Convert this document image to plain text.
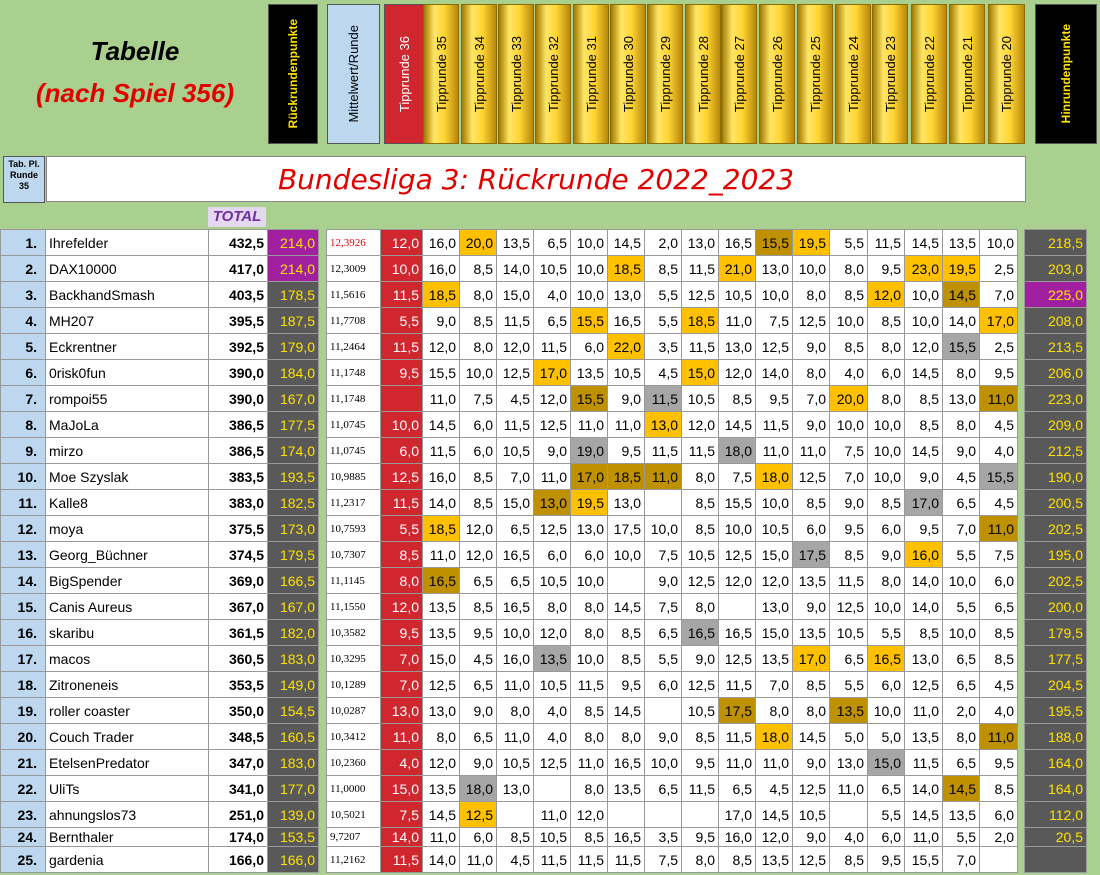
Tabelle
(nach Spiel 356)	Rückrundenpunkte	Mittelwert/Runde	Tipprunde 36 Tipprunde 35 Tipprunde 34 Tipprunde 33 Tipprunde 32 Tipprunde 31 Tipprunde 30 Tipprunde 29 Tipprunde 28 Tipprunde 27 Tipprunde 26 Tipprunde 25 Tipprunde 24 Tipprunde 23 Tipprunde 22 Tipprunde 21 Tipprunde 20	Hinrundenpunkte
Tab. Pl. Runde 35	Bundesliga 3: Rückrunde 2022_2023
TOTAL
1.	Ihrefelder	432,5	214,0		12,3926	12,0	16,0	20,0	13,5	6,5	10,0	14,5	2,0	13,0	16,5	15,5	19,5	5,5	11,5	14,5	13,5	10,0		218,5
2.	DAX10000	417,0	214,0		12,3009	10,0	16,0	8,5	14,0	10,5	10,0	18,5	8,5	11,5	21,0	13,0	10,0	8,0	9,5	23,0	19,5	2,5		203,0
3.	BackhandSmash	403,5	178,5		11,5616	11,5	18,5	8,0	15,0	4,0	10,0	13,0	5,5	12,5	10,5	10,0	8,0	8,5	12,0	10,0	14,5	7,0		225,0
4.	MH207	395,5	187,5		11,7708	5,5	9,0	8,5	11,5	6,5	15,5	16,5	5,5	18,5	11,0	7,5	12,5	10,0	8,5	10,0	14,0	17,0		208,0
5.	Eckrentner	392,5	179,0		11,2464	11,5	12,0	8,0	12,0	11,5	6,0	22,0	3,5	11,5	13,0	12,5	9,0	8,5	8,0	12,0	15,5	2,5		213,5
6.	0risk0fun	390,0	184,0		11,1748	9,5	15,5	10,0	12,5	17,0	13,5	10,5	4,5	15,0	12,0	14,0	8,0	4,0	6,0	14,5	8,0	9,5		206,0
7.	rompoi55	390,0	167,0		11,1748		11,0	7,5	4,5	12,0	15,5	9,0	11,5	10,5	8,5	9,5	7,0	20,0	8,0	8,5	13,0	11,0		223,0
8.	MaJoLa	386,5	177,5		11,0745	10,0	14,5	6,0	11,5	12,5	11,0	11,0	13,0	12,0	14,5	11,5	9,0	10,0	10,0	8,5	8,0	4,5		209,0
9.	mirzo	386,5	174,0		11,0745	6,0	11,5	6,0	10,5	9,0	19,0	9,5	11,5	11,5	18,0	11,0	11,0	7,5	10,0	14,5	9,0	4,0		212,5
10.	Moe Szyslak	383,5	193,5		10,9885	12,5	16,0	8,5	7,0	11,0	17,0	18,5	11,0	8,0	7,5	18,0	12,5	7,0	10,0	9,0	4,5	15,5		190,0
11.	Kalle8	383,0	182,5		11,2317	11,5	14,0	8,5	15,0	13,0	19,5	13,0		8,5	15,5	10,0	8,5	9,0	8,5	17,0	6,5	4,5		200,5
12.	moya	375,5	173,0		10,7593	5,5	18,5	12,0	6,5	12,5	13,0	17,5	10,0	8,5	10,0	10,5	6,0	9,5	6,0	9,5	7,0	11,0		202,5
13.	Georg_Büchner	374,5	179,5		10,7307	8,5	11,0	12,0	16,5	6,0	6,0	10,0	7,5	10,5	12,5	15,0	17,5	8,5	9,0	16,0	5,5	7,5		195,0
14.	BigSpender	369,0	166,5		11,1145	8,0	16,5	6,5	6,5	10,5	10,0		9,0	12,5	12,0	12,0	13,5	11,5	8,0	14,0	10,0	6,0		202,5
15.	Canis Aureus	367,0	167,0		11,1550	12,0	13,5	8,5	16,5	8,0	8,0	14,5	7,5	8,0		13,0	9,0	12,5	10,0	14,0	5,5	6,5		200,0
16.	skaribu	361,5	182,0		10,3582	9,5	13,5	9,5	10,0	12,0	8,0	8,5	6,5	16,5	16,5	15,0	13,5	10,5	5,5	8,5	10,0	8,5		179,5
17.	macos	360,5	183,0		10,3295	7,0	15,0	4,5	16,0	13,5	10,0	8,5	5,5	9,0	12,5	13,5	17,0	6,5	16,5	13,0	6,5	8,5		177,5
18.	Zitroneneis	353,5	149,0		10,1289	7,0	12,5	6,5	11,0	10,5	11,5	9,5	6,0	12,5	11,5	7,0	8,5	5,5	6,0	12,5	6,5	4,5		204,5
19.	roller coaster	350,0	154,5		10,0287	13,0	13,0	9,0	8,0	4,0	8,5	14,5		10,5	17,5	8,0	8,0	13,5	10,0	11,0	2,0	4,0		195,5
20.	Couch Trader	348,5	160,5		10,3412	11,0	8,0	6,5	11,0	4,0	8,0	8,0	9,0	8,5	11,5	18,0	14,5	5,0	5,0	13,5	8,0	11,0		188,0
21.	EtelsenPredator	347,0	183,0		10,2360	4,0	12,0	9,0	10,5	12,5	11,0	16,5	10,0	9,5	11,0	11,0	9,0	13,0	15,0	11,5	6,5	9,5		164,0
22.	UliTs	341,0	177,0		11,0000	15,0	13,5	18,0	13,0		8,0	13,5	6,5	11,5	6,5	4,5	12,5	11,0	6,5	14,0	14,5	8,5		164,0
23.	ahnungslos73	251,0	139,0		10,5021	7,5	14,5	12,5		11,0	12,0				17,0	14,5	10,5		5,5	14,5	13,5	6,0		112,0
24.	Bernthaler	174,0	153,5		9,7207	14,0	11,0	6,0	8,5	10,5	8,5	16,5	3,5	9,5	16,0	12,0	9,0	4,0	6,0	11,0	5,5	2,0		20,5
25.	gardenia	166,0	166,0		11,2162	11,5	14,0	11,0	4,5	11,5	11,5	11,5	7,5	8,0	8,5	13,5	12,5	8,5	9,5	15,5	7,0			
